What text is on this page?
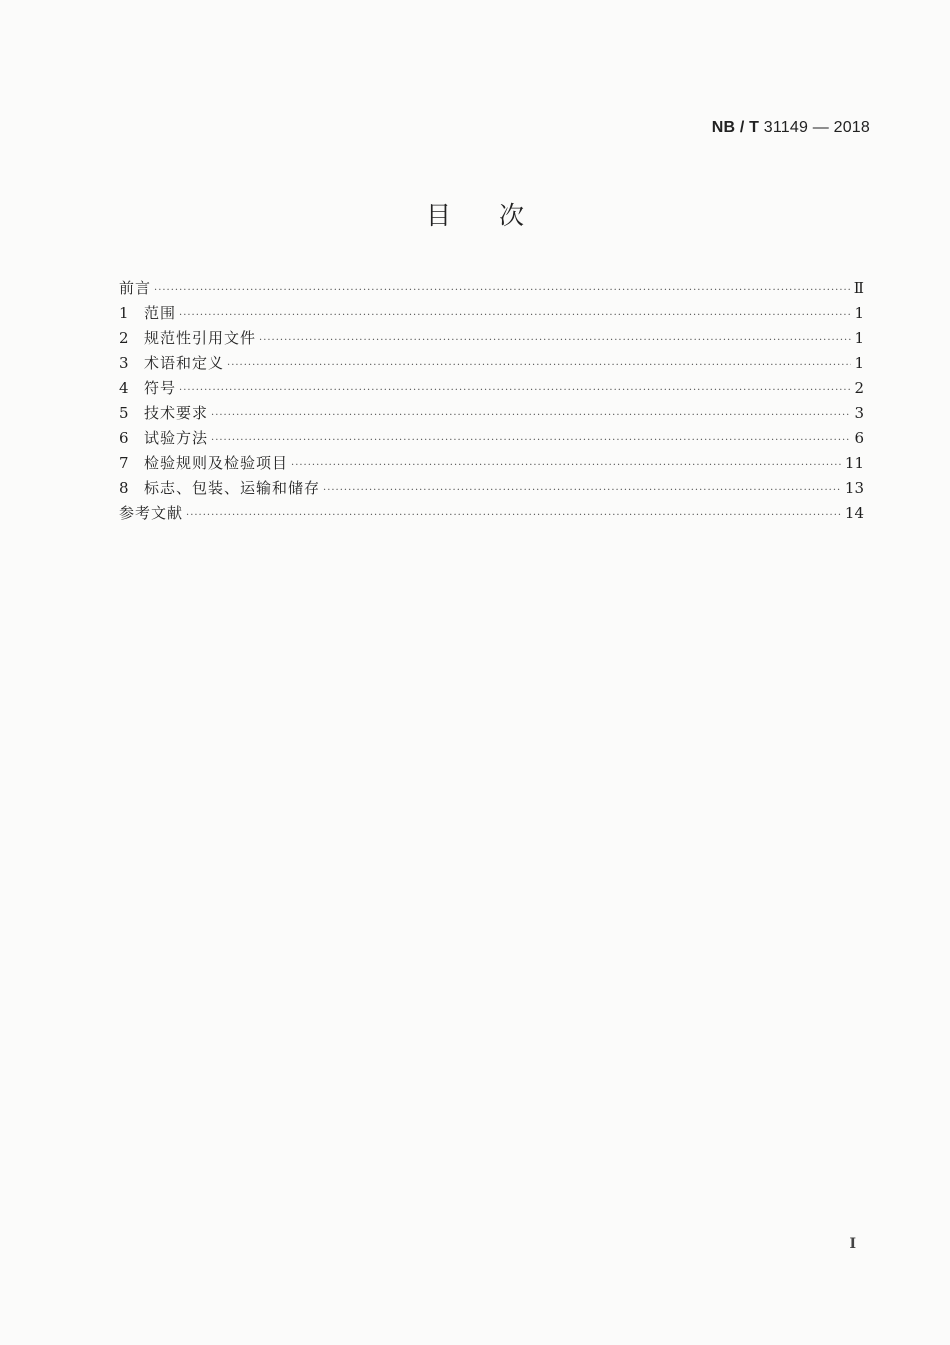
NB / T 31149 — 2018
目次
前言 ·····	Ⅱ
1	范围 ·····	1
2	规范性引用文件 ·····	1
3	术语和定义 ·····	1
4	符号 ·····	2
5	技术要求 ·····	3
6	试验方法 ·····	6
7	检验规则及检验项目 ·····	11
8	标志、包装、运输和储存 ·····	13
参考文献 ·····	14
I
